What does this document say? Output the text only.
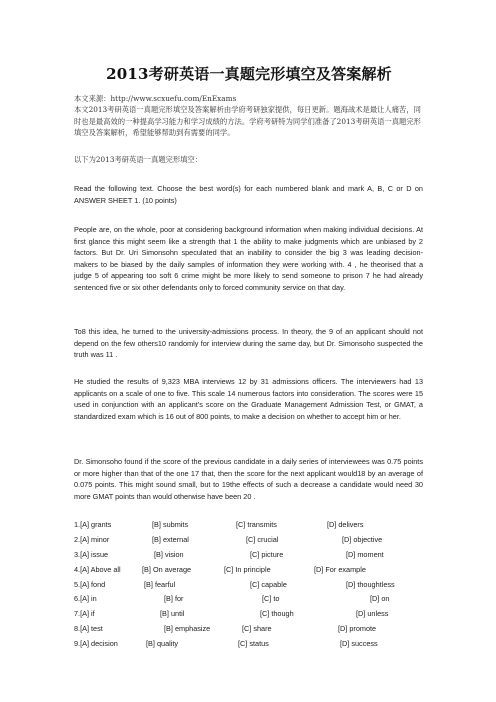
2013考研英语一真题完形填空及答案解析
本文来源：http://www.scxuefu.com/EnExams
本文2013考研英语一真题完形填空及答案解析由学府考研独家提供，每日更新。题海战术是最让人痛苦，同时也是最高效的一种提高学习能力和学习成绩的方法。学府考研特为同学们准备了2013考研英语一真题完形填空及答案解析，希望能够帮助到有需要的同学。
以下为2013考研英语一真题完形填空：
Read the following text. Choose the best word(s) for each numbered blank and mark A, B, C or D on ANSWER SHEET 1. (10 points)
People are, on the whole, poor at considering background information when making individual decisions. At first glance this might seem like a strength that 1 the ability to make judgments which are unbiased by 2 factors. But Dr. Uri Simonsohn speculated that an inability to consider the big 3 was leading decision-makers to be biased by the daily samples of information they were working with. 4 , he theorised that a judge 5 of appearing too soft 6 crime might be more likely to send someone to prison 7 he had already sentenced five or six other defendants only to forced community service on that day.
To8 this idea, he turned to the university-admissions process. In theory, the 9 of an applicant should not depend on the few others10 randomly for interview during the same day, but Dr. Simonsoho suspected the truth was 11 .
He studied the results of 9,323 MBA interviews 12 by 31 admissions officers. The interviewers had 13 applicants on a scale of one to five. This scale 14 numerous factors into consideration. The scores were 15 used in conjunction with an applicant’s score on the Graduate Management Admission Test, or GMAT, a standardized exam which is 16 out of 800 points, to make a decision on whether to accept him or her.
Dr. Simonsoho found if the score of the previous candidate in a daily series of interviewees was 0.75 points or more higher than that of the one 17 that, then the score for the next applicant would18 by an average of 0.075 points. This might sound small, but to 19the effects of such a decrease a candidate would need 30 more GMAT points than would otherwise have been 20 .
1.[A] grants	[B] submits	[C] transmits	[D] delivers
2.[A] minor	[B] external	[C] crucial	[D] objective
3.[A] issue	[B] vision	[C] picture	[D] moment
4.[A] Above all	[B] On average	[C] In principle	[D] For example
5.[A] fond	[B] fearful	[C] capable	[D] thoughtless
6.[A] in	[B] for	[C] to	[D] on
7.[A] if	[B] until	[C] though	[D] unless
8.[A] test	[B] emphasize	[C] share	[D] promote
9.[A] decision	[B] quality	[C] status	[D] success
